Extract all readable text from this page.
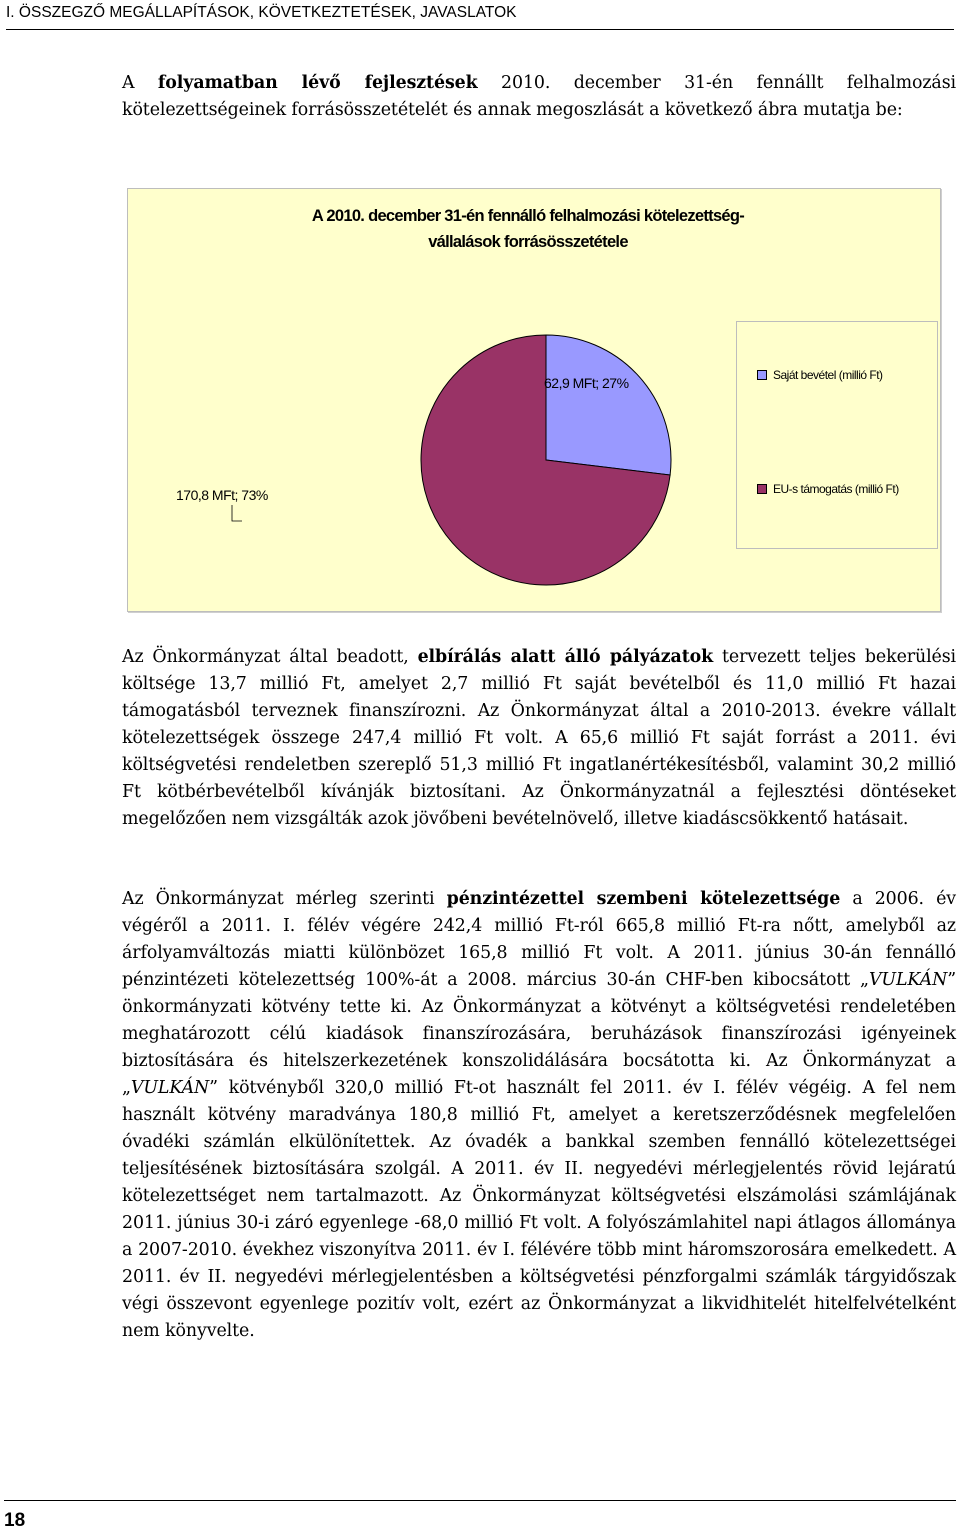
I. ÖSSZEGZŐ MEGÁLLAPÍTÁSOK, KÖVETKEZTETÉSEK, JAVASLATOK

A folyamatban lévő fejlesztések 2010. december 31-én fennállt felhalmozási kötelezettségeinek forrásösszetételét és annak megoszlását a következő ábra mutatja be:

A 2010. december 31-én fennálló felhalmozási kötelezettség-
vállalások forrásösszetétele

62,9 MFt; 27%
170,8 MFt; 73%
Saját bevétel (millió Ft)
EU-s támogatás (millió Ft)

Az Önkormányzat által beadott, elbírálás alatt álló pályázatok tervezett teljes bekerülési költsége 13,7 millió Ft, amelyet 2,7 millió Ft saját bevételből és 11,0 millió Ft hazai támogatásból terveznek finanszírozni. Az Önkormányzat által a 2010-2013. évekre vállalt kötelezettségek összege 247,4 millió Ft volt. A 65,6 millió Ft saját forrást a 2011. évi költségvetési rendeletben szereplő 51,3 millió Ft ingatlanértékesítésből, valamint 30,2 millió Ft kötbérbevételből kívánják biztosítani. Az Önkormányzatnál a fejlesztési döntéseket megelőzően nem vizsgálták azok jövőbeni bevételnövelő, illetve kiadáscsökkentő hatásait.

Az Önkormányzat mérleg szerinti pénzintézettel szembeni kötelezettsége a 2006. év végéről a 2011. I. félév végére 242,4 millió Ft-ról 665,8 millió Ft-ra nőtt, amelyből az árfolyamváltozás miatti különbözet 165,8 millió Ft volt. A 2011. június 30-án fennálló pénzintézeti kötelezettség 100%-át a 2008. március 30-án CHF-ben kibocsátott „VULKÁN” önkormányzati kötvény tette ki. Az Önkormányzat a kötvényt a költségvetési rendeletében meghatározott célú kiadások finanszírozására, beruházások finanszírozási igényeinek biztosítására és hitelszerkezetének konszolidálására bocsátotta ki. Az Önkormányzat a „VULKÁN” kötvényből 320,0 millió Ft-ot használt fel 2011. év I. félév végéig. A fel nem használt kötvény maradványa 180,8 millió Ft, amelyet a keretszerződésnek megfelelően óvadéki számlán elkülönítettek. Az óvadék a bankkal szemben fennálló kötelezettségei teljesítésének biztosítására szolgál. A 2011. év II. negyedévi mérlegjelentés rövid lejáratú kötelezettséget nem tartalmazott. Az Önkormányzat költségvetési elszámolási számlájának 2011. június 30-i záró egyenlege -68,0 millió Ft volt. A folyószámlahitel napi átlagos állománya a 2007-2010. évekhez viszonyítva 2011. év I. félévére több mint háromszorosára emelkedett. A 2011. év II. negyedévi mérlegjelentésben a költségvetési pénzforgalmi számlák tárgyidőszak végi összevont egyenlege pozitív volt, ezért az Önkormányzat a likvidhitelét hitelfelvételként nem könyvelte.

18
